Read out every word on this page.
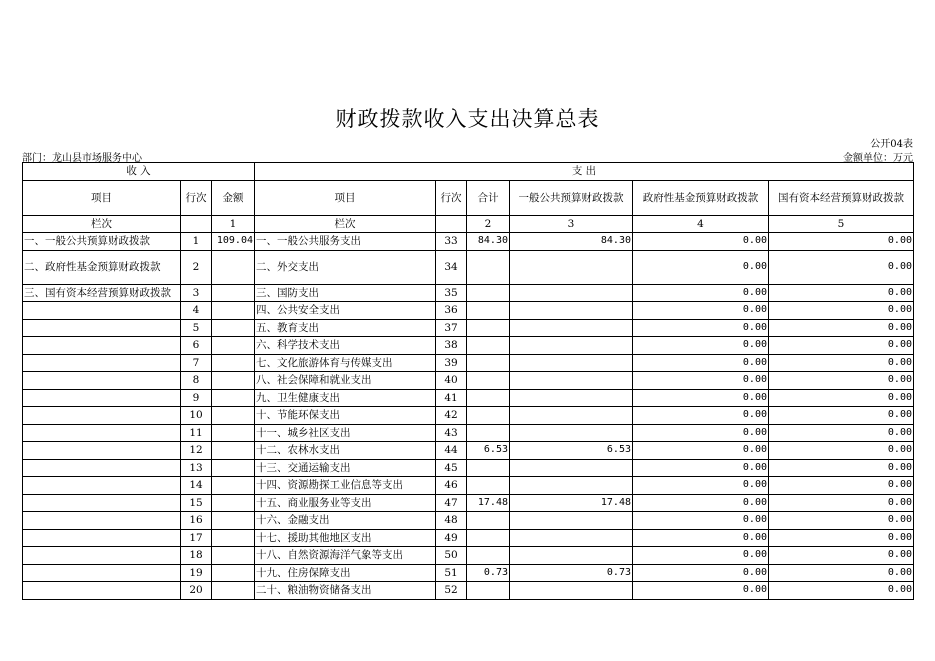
财政拨款收入支出决算总表
公开04表
部门：龙山县市场服务中心	金额单位：万元
收 入			支 出					
项目	行次	金额	项目	行次	合计	一般公共预算财政拨款	政府性基金预算财政拨款	国有资本经营预算财政拨款
栏次		1	栏次		2	3	4	5
一、一般公共预算财政拨款	1	109.04	一、一般公共服务支出	33	84.30	84.30	0.00	0.00
二、政府性基金预算财政拨款	2		二、外交支出	34			0.00	0.00
三、国有资本经营预算财政拨款	3		三、国防支出	35			0.00	0.00
	4		四、公共安全支出	36			0.00	0.00
	5		五、教育支出	37			0.00	0.00
	6		六、科学技术支出	38			0.00	0.00
	7		七、文化旅游体育与传媒支出	39			0.00	0.00
	8		八、社会保障和就业支出	40			0.00	0.00
	9		九、卫生健康支出	41			0.00	0.00
	10		十、节能环保支出	42			0.00	0.00
	11		十一、城乡社区支出	43			0.00	0.00
	12		十二、农林水支出	44	6.53	6.53	0.00	0.00
	13		十三、交通运输支出	45			0.00	0.00
	14		十四、资源勘探工业信息等支出	46			0.00	0.00
	15		十五、商业服务业等支出	47	17.48	17.48	0.00	0.00
	16		十六、金融支出	48			0.00	0.00
	17		十七、援助其他地区支出	49			0.00	0.00
	18		十八、自然资源海洋气象等支出	50			0.00	0.00
	19		十九、住房保障支出	51	0.73	0.73	0.00	0.00
	20		二十、粮油物资储备支出	52			0.00	0.00
